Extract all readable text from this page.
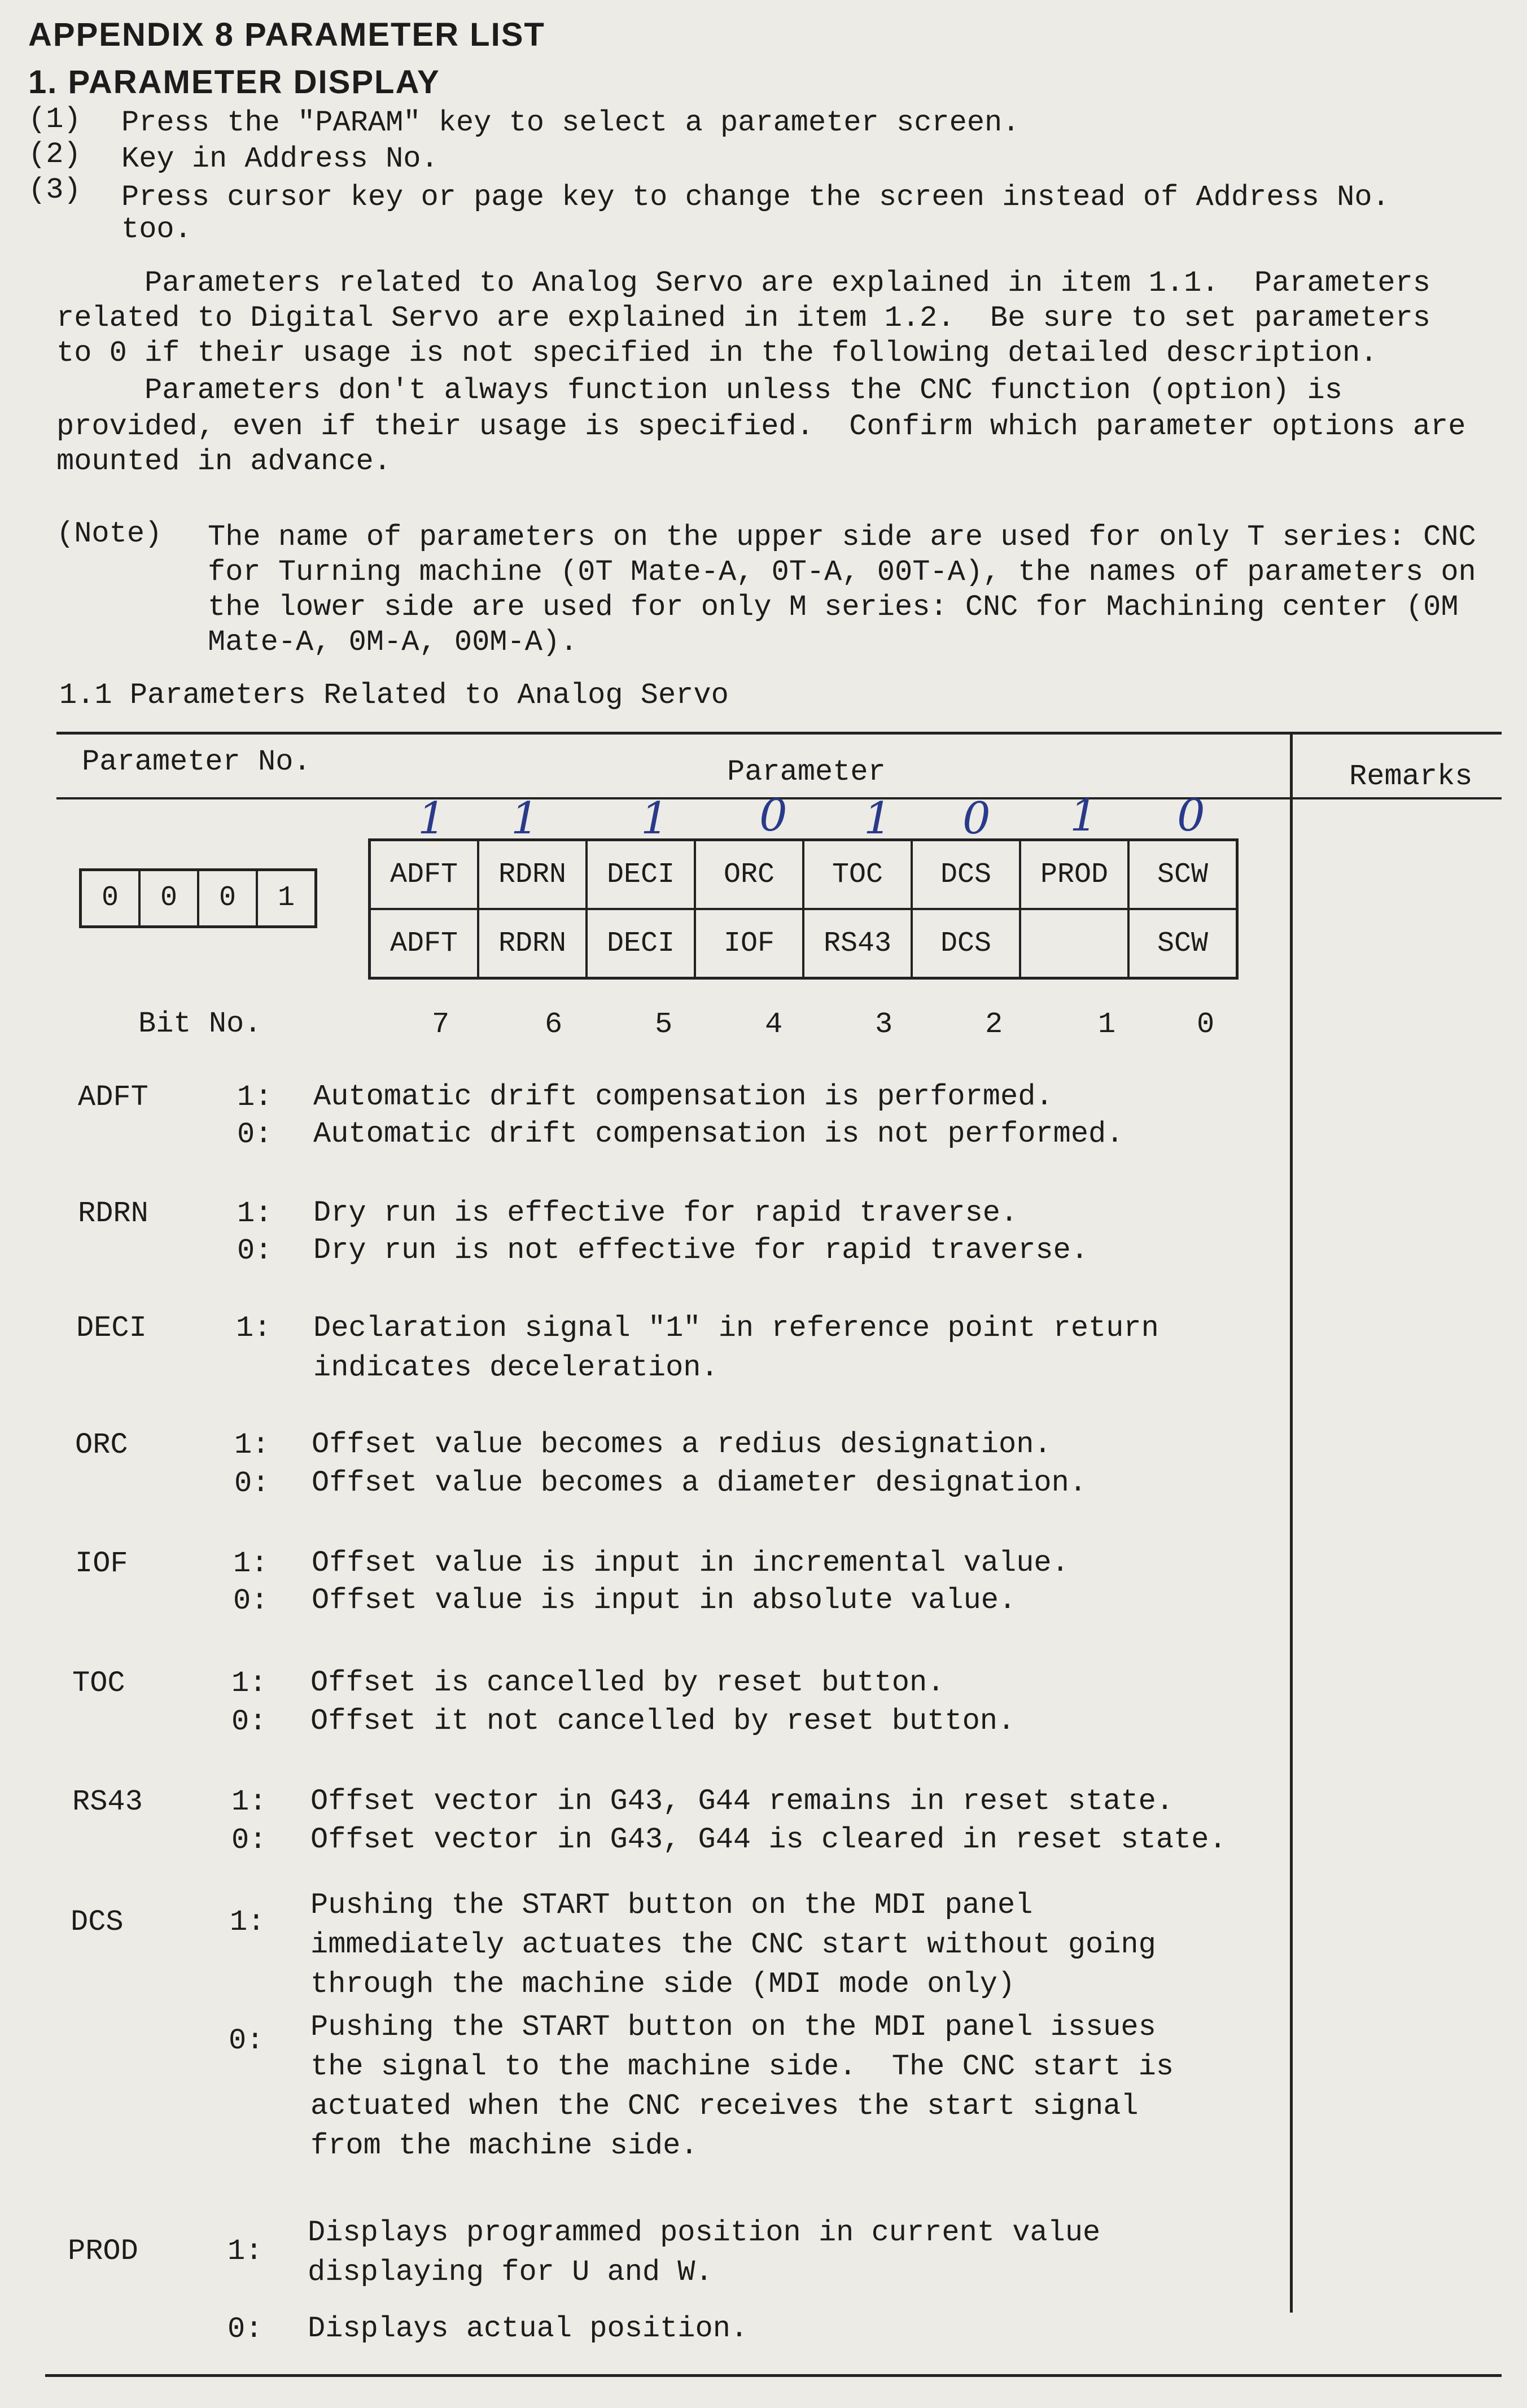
APPENDIX 8 PARAMETER LIST
1. PARAMETER DISPLAY
(1) Press the "PARAM" key to select a parameter screen.
(2) Key in Address No.
(3) Press cursor key or page key to change the screen instead of Address No.
too.
Parameters related to Analog Servo are explained in item 1.1.  Parameters
related to Digital Servo are explained in item 1.2.  Be sure to set parameters
to 0 if their usage is not specified in the following detailed description.
Parameters don't always function unless the CNC function (option) is
provided, even if their usage is specified.  Confirm which parameter options are
mounted in advance.
(Note) The name of parameters on the upper side are used for only T series: CNC
for Turning machine (0T Mate-A, 0T-A, 00T-A), the names of parameters on
the lower side are used for only M series: CNC for Machining center (0M
Mate-A, 0M-A, 00M-A).
1.1 Parameters Related to Analog Servo
Parameter No.	Parameter	Remarks
0	0	0	1
1 1 1 0 1 0 1 0
ADFT	RDRN	DECI	ORC	TOC	DCS	PROD	SCW
ADFT	RDRN	DECI	IOF	RS43	DCS		SCW
Bit No.	7	6	5	4	3	2	1	0
ADFT	1: Automatic drift compensation is performed.
0: Automatic drift compensation is not performed.
RDRN	1: Dry run is effective for rapid traverse.
0: Dry run is not effective for rapid traverse.
DECI	1: Declaration signal "1" in reference point return
indicates deceleration.
ORC	1: Offset value becomes a redius designation.
0: Offset value becomes a diameter designation.
IOF	1: Offset value is input in incremental value.
0: Offset value is input in absolute value.
TOC	1: Offset is cancelled by reset button.
0: Offset it not cancelled by reset button.
RS43	1: Offset vector in G43, G44 remains in reset state.
0: Offset vector in G43, G44 is cleared in reset state.
DCS	1:
Pushing the START button on the MDI panel
immediately actuates the CNC start without going
through the machine side (MDI mode only)
0: Pushing the START button on the MDI panel issues
the signal to the machine side.  The CNC start is
actuated when the CNC receives the start signal
from the machine side.
PROD	1:
Displays programmed position in current value
displaying for U and W.
0: Displays actual position.
